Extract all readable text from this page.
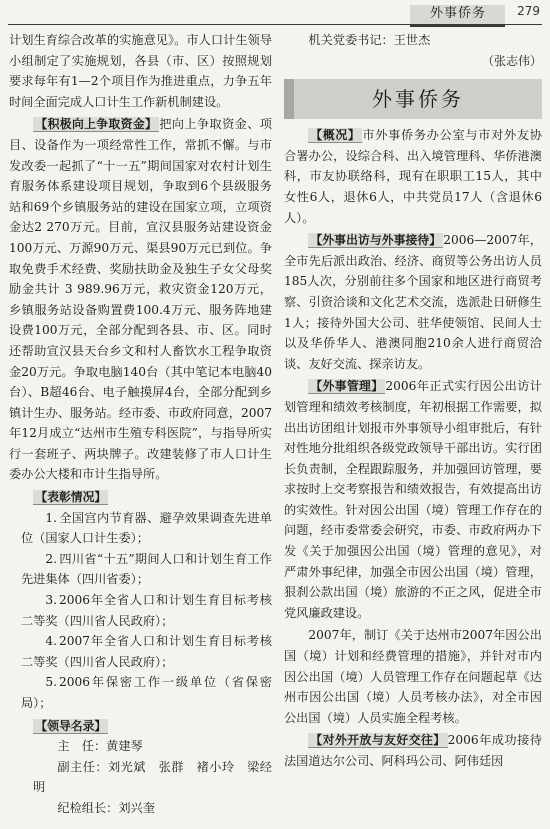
外事侨务	279

计划生育综合改革的实施意见》。市人口计生领导小组制定了实施规划，各县（市、区）按照规划要求每年有1—2个项目作为推进重点，力争五年时间全面完成人口计生工作新机制建设。

【积极向上争取资金】 把向上争取资金、项目、设备作为一项经常性工作，常抓不懈。与市发改委一起抓了“十一五”期间国家对农村计划生育服务体系建设项目规划，争取到6个县级服务站和69个乡镇服务站的建设在国家立项，立项资金达2 270万元。目前，宣汉县服务站建设资金100万元、万源90万元、渠县90万元已到位。争取免费手术经费、奖励扶助金及独生子女父母奖励金共计 3 989.96万元，救灾资金120万元，乡镇服务站设备购置费100.4万元、服务阵地建设费100万元，全部分配到各县、市、区。同时还帮助宣汉县天台乡文和村人畜饮水工程争取资金20万元。争取电脑140台（其中笔记本电脑40台）、B超46台、电子触摸屏4台，全部分配到乡镇计生办、服务站。经市委、市政府同意，2007年12月成立“达州市生殖专科医院”，与指导所实行一套班子、两块牌子。改建装修了市人口计生委办公大楼和市计生指导所。

【表彰情况】

1. 全国宫内节育器、避孕效果调查先进单位（国家人口计生委）；

2. 四川省“十五”期间人口和计划生育工作先进集体（四川省委）；

3. 2006年全省人口和计划生育目标考核二等奖（四川省人民政府）；

4. 2007年全省人口和计划生育目标考核二等奖（四川省人民政府）；

5. 2006年保密工作一级单位（省保密局）；

【领导名录】

主　任：黄建琴

副主任：刘光斌　张群　褚小玲　梁经明

纪检组长：刘兴奎

机关党委书记：王世杰

（张志伟）

外事侨务

【概况】 市外事侨务办公室与市对外友协合署办公，设综合科、出入境管理科、华侨港澳科，市友协联络科，现有在职职工15人，其中女性6人，退休6人，中共党员17人（含退休6人）。

【外事出访与外事接待】 2006—2007年，全市先后派出政治、经济、商贸等公务出访人员185人次，分别前往多个国家和地区进行商贸考察、引资洽谈和文化艺术交流，选派赴日研修生1人；接待外国大公司、驻华使领馆、民间人士以及华侨华人、港澳同胞210余人进行商贸洽谈、友好交流、探亲访友。

【外事管理】 2006年正式实行因公出访计划管理和绩效考核制度，年初根据工作需要，拟出出访团组计划报市外事领导小组审批后，有针对性地分批组织各级党政领导干部出访。实行团长负责制，全程跟踪服务，并加强回访管理，要求按时上交考察报告和绩效报告，有效提高出访的实效性。针对因公出国（境）管理工作存在的问题，经市委常委会研究，市委、市政府两办下发《关于加强因公出国（境）管理的意见》，对严肃外事纪律，加强全市因公出国（境）管理，狠刹公款出国（境）旅游的不正之风，促进全市党风廉政建设。

2007年，制订《关于达州市2007年因公出国（境）计划和经费管理的措施》，并针对市内因公出国（境）人员管理工作存在问题起草《达州市因公出国（境）人员考核办法》，对全市因公出国（境）人员实施全程考核。

【对外开放与友好交往】 2006年成功接待法国道达尔公司、阿科玛公司、阿伟廷因
